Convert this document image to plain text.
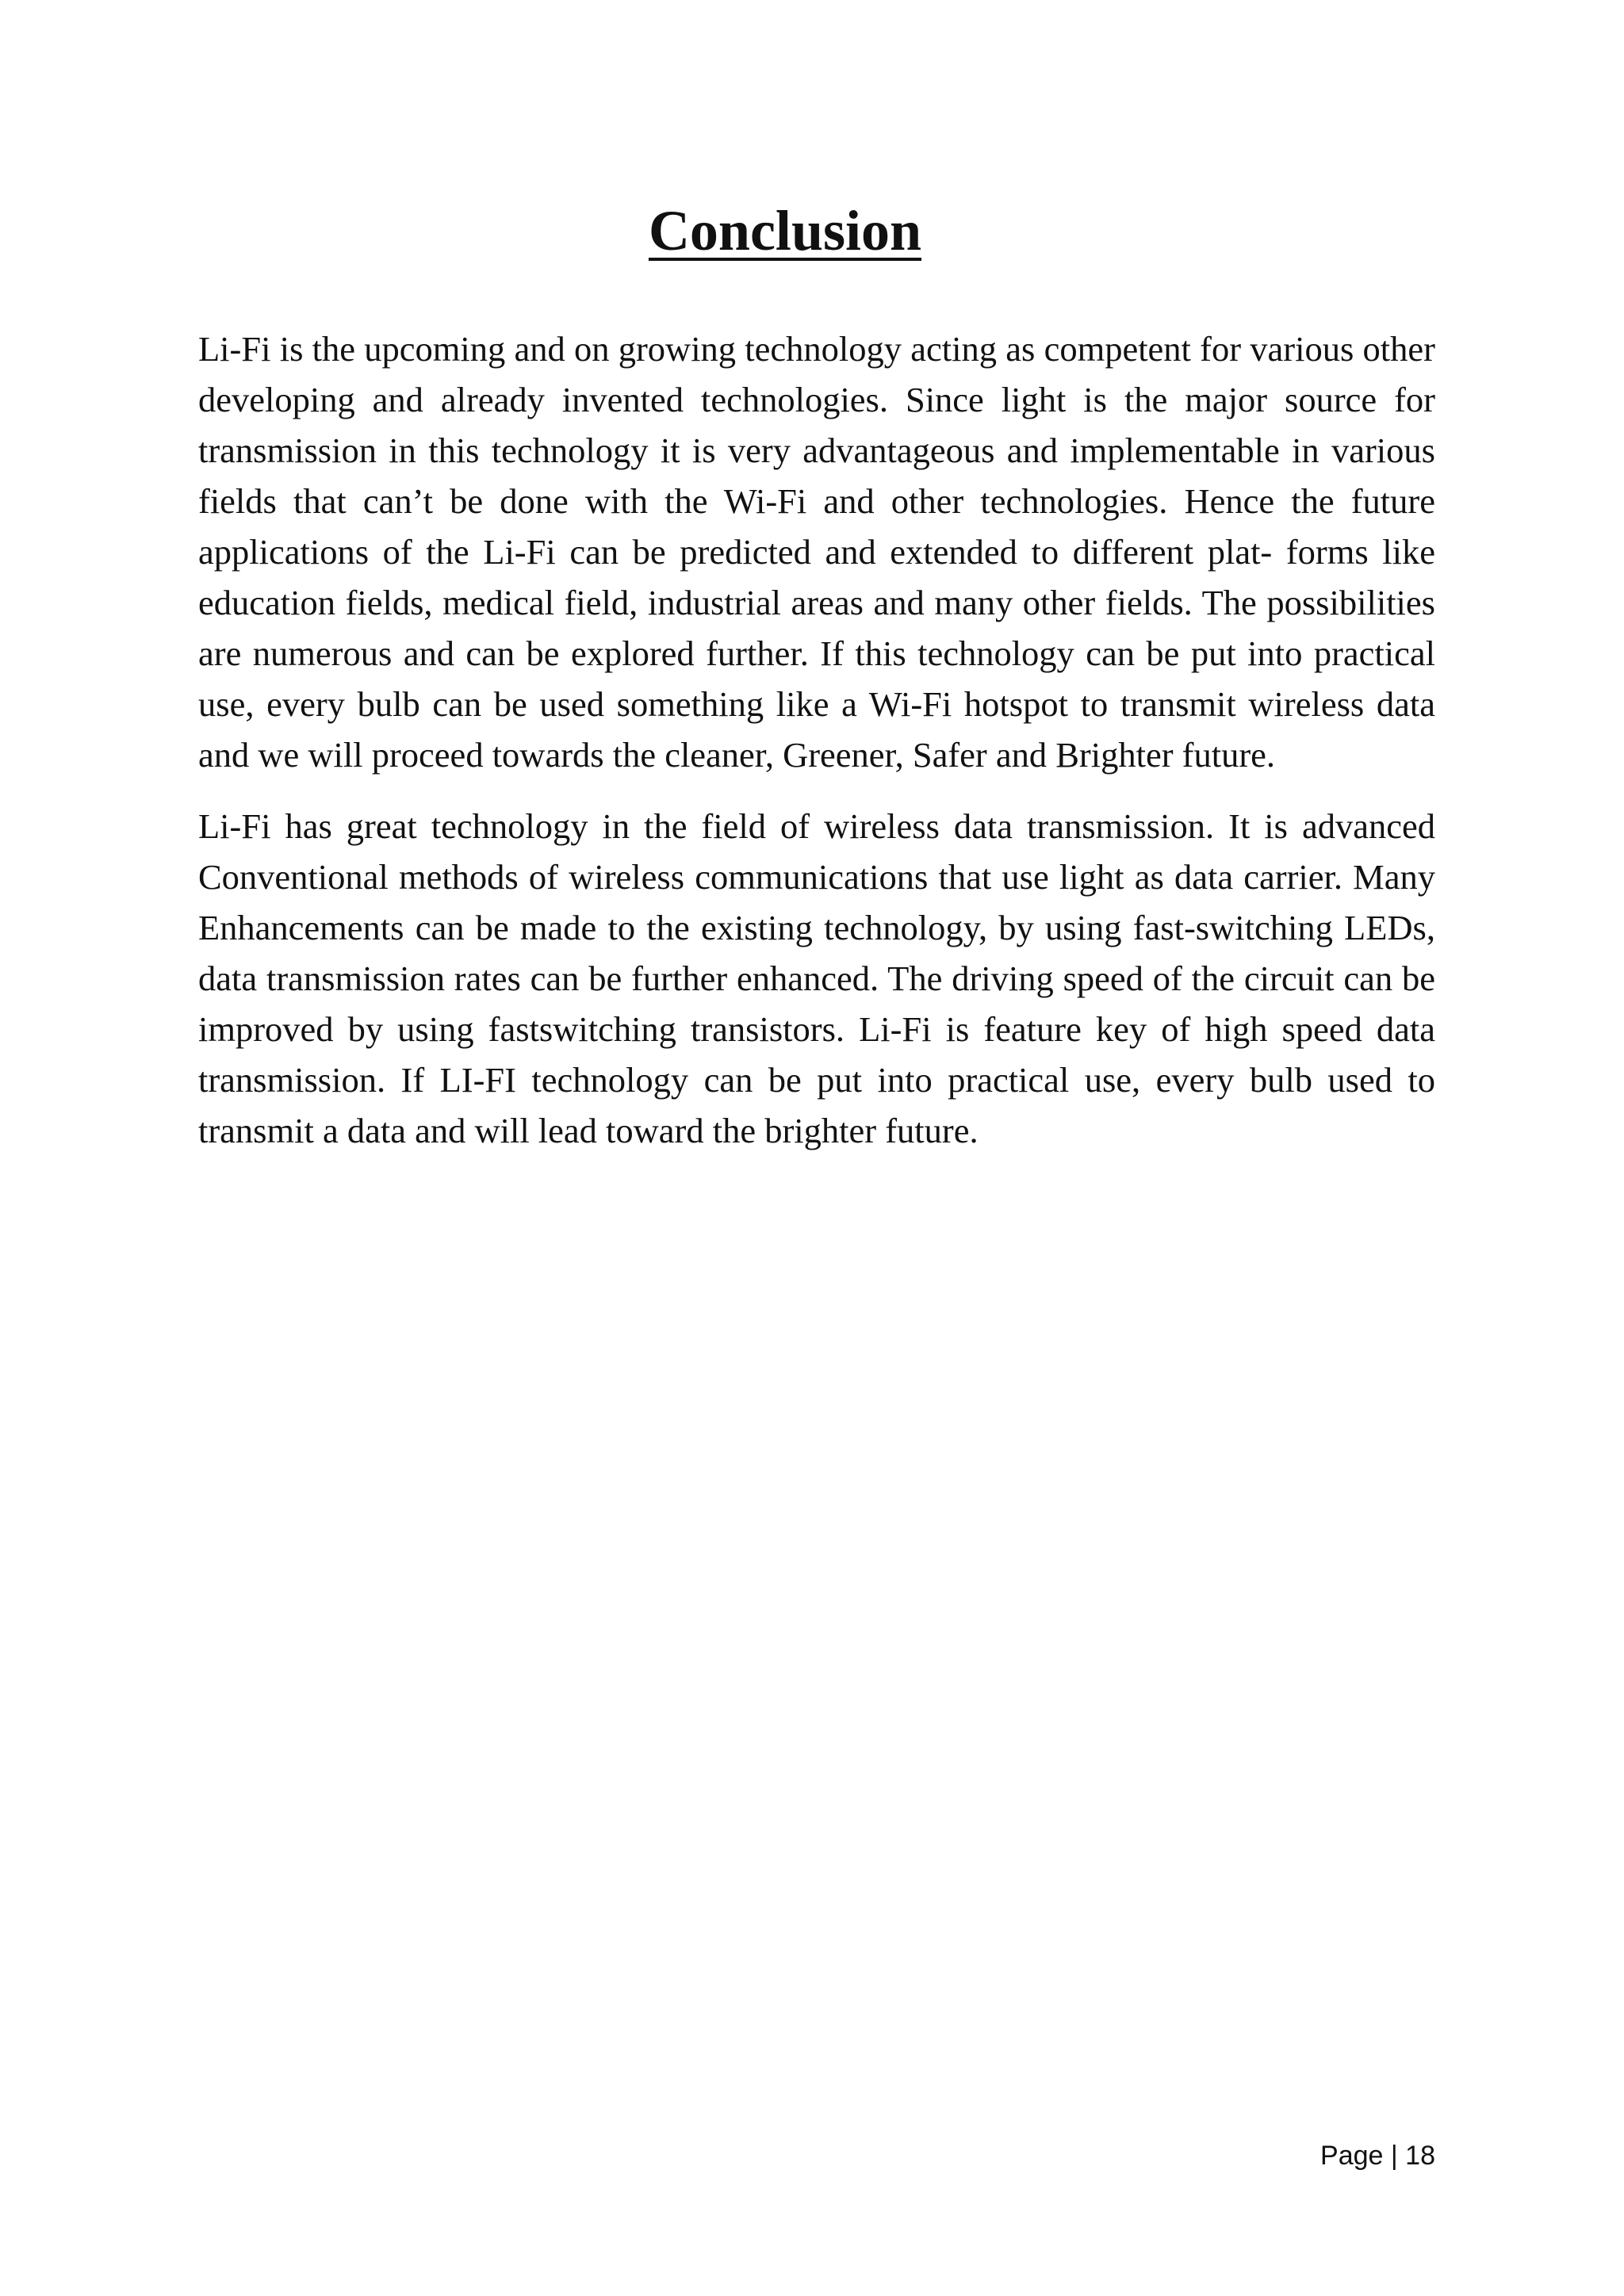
Conclusion

Li-Fi is the upcoming and on growing technology acting as competent for various other developing and already invented technologies. Since light is the major source for transmission in this technology it is very advantageous and implementable in various fields that can’t be done with the Wi-Fi and other technologies. Hence the future applications of the Li-Fi can be predicted and extended to different plat- forms like education fields, medical field, industrial areas and many other fields. The possibilities are numerous and can be explored further. If this technology can be put into practical use, every bulb can be used something like a Wi-Fi hotspot to transmit wireless data and we will proceed towards the cleaner, Greener, Safer and Brighter future.

Li-Fi has great technology in the field of wireless data transmission. It is advanced Conventional methods of wireless communications that use light as data carrier. Many Enhancements can be made to the existing technology, by using fast-switching LEDs, data transmission rates can be further enhanced. The driving speed of the circuit can be improved by using fastswitching transistors. Li-Fi is feature key of high speed data transmission. If LI-FI technology can be put into practical use, every bulb used to transmit a data and will lead toward the brighter future.

Page | 18
